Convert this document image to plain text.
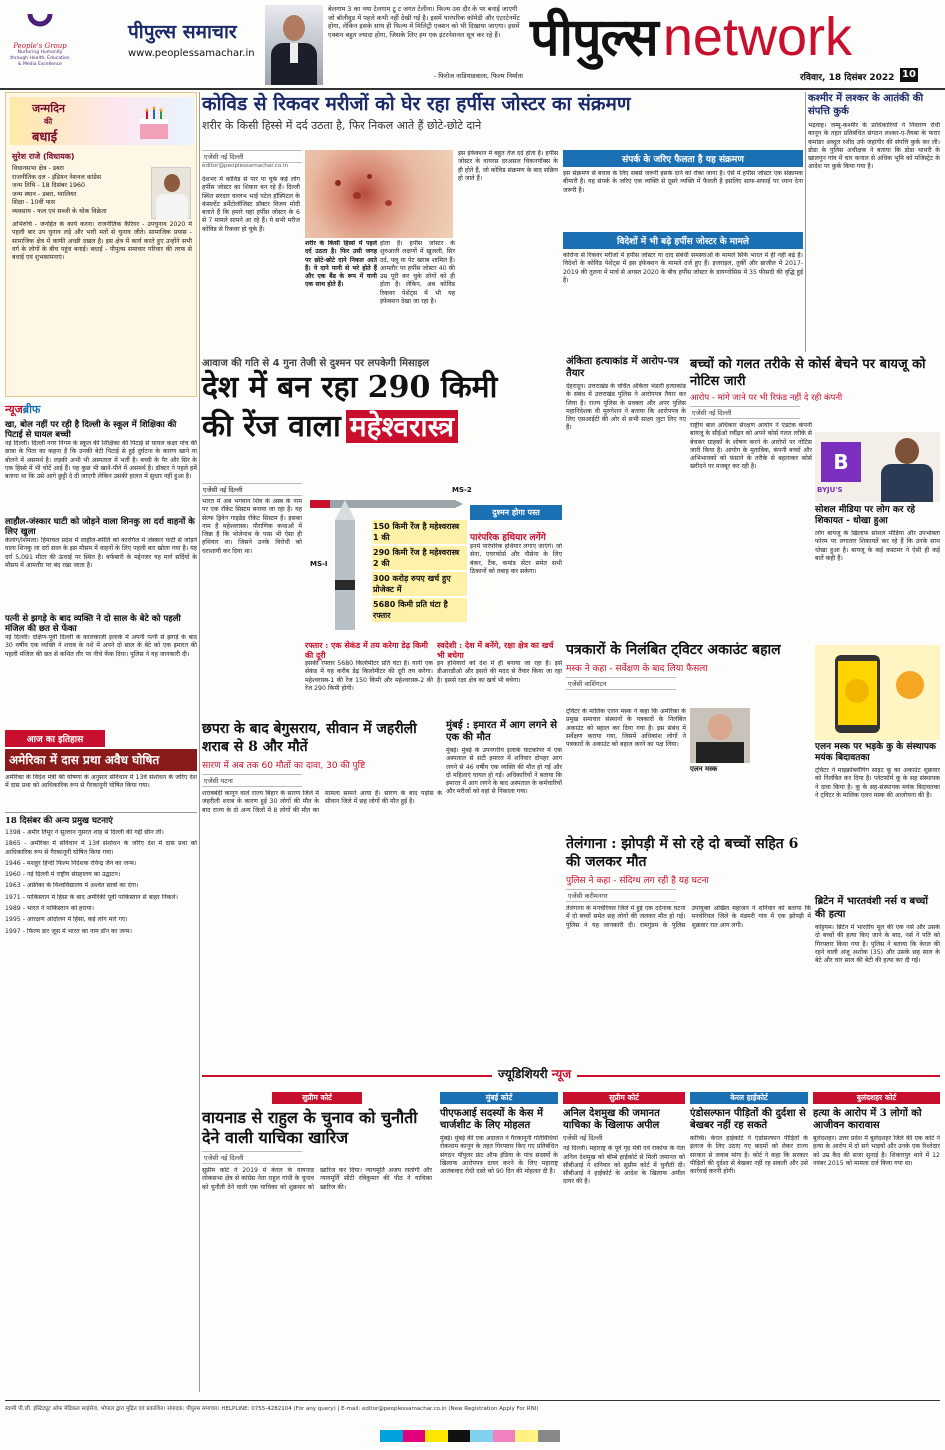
People's Group
Nurturing Humanity through Health, Education & Media Excellence
पीपुल्स समाचार
www.peoplessamachar.in
बेलगाम 3 का नया टेलगाम टू ट जगत टेलीना। फिल्म उस दौर के पर बनाई जाएगी जो बॉलीवुड में पहले कभी नहीं देखी गई है। इसमें पारंपरिक कॉमेडी और एंटरटेनमेंट होगा, लेकिन इसके साथ ही फिल्म में मिलिट्री एक्शन को भी दिखाया जाएगा। इसमें एक्शन बहुत ज्यादा होगा, जिसके लिए हम एक इंटरनेशनल सूत्र कर रहे हैं।
- फिरोज नाडियाडवाला, फिल्म निर्माता
पीपुल्स network
रविवार, 18 दिसंबर 2022 10
जन्मदिन
की
बधाई
सुरेश राजे (विधायक)
विधानसभा क्षेत्र - डबरा
राजनीतिक दल - इंडियन नेशनल कांग्रेस
जन्म तिथि - 18 दिसंबर 1960
जन्म स्थान - डबरा, ग्वालियर
शिक्षा - 10वीं पास
व्यवसाय - फल एवं सब्जी के थोक विक्रेता
अभिरुचि - जनहित के कार्य करना। राजनीतिक कैरियर - उपचुनाव 2020 में पहली बार उप चुनाव लड़े और भारी मतों से चुनाव जीते। सामाजिक प्रयास - सामाजिक क्षेत्र में काफी अच्छी दखल है। इस क्षेत्र में कार्य करते हुए उन्होंने सभी वर्ग के लोगों के बीच पहुंच बनाई। बधाई - पीपुल्स समाचार परिवार की तरफ से बधाई एवं शुभकामनाएं।
न्यूजब्रीफ
खा, बोल नहीं पर रही है दिल्ली के स्कूल में शिक्षिका की पिटाई से घायल बच्ची
नई दिल्ली। दिल्ली नगर निगम के स्कूल की शिक्षिका की पिटाई से घायल कक्षा पांच की छात्रा के पिता का कहना है कि उनकी बेटी पिटाई से हुई दुर्घटना के कारण खाने या बोलने में असमर्थ है। लड़की अभी भी अस्पताल में भर्ती है। बच्ची के पैर और सिर के एक हिस्से में भी चोटें आई हैं। यह कुछ भी खाने-पीने में असमर्थ है। डॉक्टर ने पहले हमें बताया था कि उसे आगे छुट्टी दे दी जाएगी लेकिन उसकी हालत में सुधार नहीं हुआ है।
लाहौल-जंस्कार घाटी को जोड़ने वाला शिनकु ला दर्रा वाहनों के लिए खुला
केलांग/शिमला। हिमाचल प्रदेश में लाहौल-स्पीति को कारगिल में जंस्कार घाटी से जोड़ने वाला शिनकु ला दर्रा साल के इस मौसम में वाहनों के लिए पहली बार खोला गया है। यह दर्रा 5,091 मीटर की ऊंचाई पर स्थित है। बर्फबारी के मद्देनजर यह मार्ग सर्दियों के मौसम में आमतौर पर बंद रखा जाता है।
पत्नी से झगड़े के बाद व्यक्ति ने दो साल के बेटे को पहली मंजिल की छत से फेंका
नई दिल्ली। दक्षिण-पूर्वी दिल्ली के कालकाजी इलाके में अपनी पत्नी से झगड़े के बाद 30 वर्षीय एक व्यक्ति ने शराब के नशे में अपने दो साल के बेटे को एक इमारत की पहली मंजिल की छत से कथित तौर पर नीचे फेंक दिया। पुलिस ने यह जानकारी दी।
आज का इतिहास
अमेरिका में दास प्रथा अवैध घोषित
अमेरिका के विदेश मंत्री की घोषणा के अनुसार संविधान में 13वें संशोधन के जरिए देश में दास प्रथा को आधिकारिक रूप से गैरकानूनी घोषित किया गया।
18 दिसंबर की अन्य प्रमुख घटनाएं
1398 - अमीर तिमूर ने सुल्तान नूसरत शाह से दिल्ली की गद्दी छीन ली।
1865 - अमेरिका में संविधान में 13वें संशोधन के जरिए देश में दास प्रथा को आधिकारिक रूप से गैरकानूनी घोषित किया गया।
1946 - मशहूर हिन्दी फिल्म निर्देशक रविन्द्र जैन का जन्म।
1960 - नई दिल्ली में राष्ट्रीय संग्रहालय का उद्घाटन।
1963 - अफ्रीका के विश्वविद्यालय में अश्वेत छात्रों का दंगा।
1971 - पाकिस्तान में हिंसा के बाद अमेरिकी पूर्वी पाकिस्तान से बाहर निकले।
1989 - भारत ने पाकिस्तान को हराया।
1995 - आरक्षण आंदोलन में हिंसा, कई लोग मारे गए।
1997 - फिल्म डार जूस में भारत का नाम डॉन का जन्म।
कोविड से रिकवर मरीजों को घेर रहा हर्पीस जोस्टर का संक्रमण
शरीर के किसी हिस्से में दर्द उठता है, फिर निकल आते हैं छोटे-छोटे दाने
एजेंसी नई दिल्ली
editor@peoplessamachar.co.in
देशभर में कोविड से पार पा चुके कई लोग हर्पीस जोस्टर का शिकार बन रहे हैं। दिल्ली स्थित सरदार वल्लभ भाई पटेल हॉस्पिटल के कंसल्टेंट डर्मेटोलॉजिस्ट डॉक्टर विजय मोदी बताते हैं कि हमारे यहां हर्पीस जोस्टर के 6 से 7 मामले सामने आ रहे हैं। ये सभी मरीज कोविड से रिकवर हो चुके हैं।
शरीर के किसी हिस्से में पहले दर्द उठता है। फिर उसी जगह पर छोटे-छोटे दाने निकल आते हैं। ये दाने पानी से भरे होते हैं और एक बैंड के रूप में यानी एक साथ होते हैं।
होता है। हर्पीस जोस्टर के शुरुआती लक्षणों में खुजली, सिर दर्द, फ्लू या पेट खराब शामिल हैं। आमतौर पर हर्पीस जोस्टर 40 की उम्र पूरी कर चुके लोगों को ही होता है। लेकिन, अब कोविड रिकवर पेशेंट्स में भी यह इंफेक्शन देखा जा रहा है।
इस इंफेक्शन में बहुत तेज दर्द होता है। हर्पीस जोस्टर के वायरस दरअसल चिकनपॉक्स के ही होते हैं, जो कोविड संक्रमण के बाद सक्रिय हो जाते हैं।
संपर्क के जरिए फैलता है यह संक्रमण
इस संक्रमण से बचाव के लिए सबसे जरूरी इसके दाने को रोका जाना है। ऐसे में हर्पीस जोस्टर एक संक्रामक बीमारी है। यह संपर्क के जरिए एक व्यक्ति से दूसरे व्यक्ति में फैलती है इसलिए साफ-सफाई पर ध्यान देना जरूरी है।
विदेशों में भी बढ़े हर्पीस जोस्टर के मामले
कोरोना से रिकवर मरीजों में हर्पीस जोस्टर या दाद संबंधी समस्याओं के मामले सिर्फ भारत में ही नहीं बढ़े हैं। विदेशों के कोविड पेशेंट्स में इस इंफेक्शन के मामले दर्ज हुए हैं। इजराइल, तुर्की और ब्राजील में 2017-2019 की तुलना में मार्च से अगस्त 2020 के बीच हर्पीस जोस्टर के डायग्नोसिस में 35 फीसदी की वृद्धि हुई है।
आवाज की गति से 4 गुना तेजी से दुश्मन पर लपकेगी मिसाइल
देश में बन रहा 290 किमी
की रेंज वाला महेश्वरास्त्र
एजेंसी नई दिल्ली
भारत में अब भगवान शिव के अस्त्र के नाम पर एक रॉकेट सिस्टम बनाया जा रहा है। यह सेल्फ ड्रिवेन गाइडेड रॉकेट सिस्टम है। इसका नाम है महेश्वरास्त्र। पौराणिक कथाओं में जिक्र है कि भोलेनाथ के पास भी ऐसा ही हथियार था। जिसने उनके विरोधी को धराशायी कर दिया था।
MS-2
MS-I
150 किमी रेंज है महेश्वरास्त्र 1 की
290 किमी रेंज है महेश्वरास्त्र 2 की
300 करोड़ रुपए खर्च हुए प्रोजेक्ट में
5680 किमी प्रति घंटा है रफ्तार
दुश्मन होगा पस्त
पारंपरिक हथियार लगेंगे
इनमें पारंपरिक हथियार लगाए जाएंगे। जो सेना, एयरफोर्स और नौसेना के लिए बंकर, टैंक, कमांड सेंटर समेत सभी ठिकानों को तबाह कर सकेगा।
रफ्तार : एक सेकंड में तय करेगा डेढ़ किमी की दूरी
इसकी रफ्तार 5680 किलोमीटर प्रति घंटा है। यानी एक सेकंड में यह करीब डेढ़ किलोमीटर की दूरी तय करेगा। महेश्वरास्त्र-1 की रेंज 150 किमी और महेश्वरास्त्र-2 की रेंज 290 किमी होगी।
स्वदेशी : देश में बनेंगे, रक्षा क्षेत्र का खर्च भी बचेगा
इन हथियारों को देश में ही बनाया जा रहा है। इसे डीआरडीओ और इसरो की मदद से तैयार किया जा रहा है। इससे रक्षा क्षेत्र का खर्च भी बचेगा।
छपरा के बाद बेगुसराय, सीवान में जहरीली शराब से 8 और मौतें
सारण में अब तक 60 मौतों का दावा, 30 की पुष्टि
एजेंसी पटना
शराबबंदी कानून वाले राज्य बिहार के सारण जिले में जहरीली शराब के कारण हुई 30 लोगों की मौत के बाद राज्य के दो अन्य जिलों में 8 लोगों की मौत का मामला सामने आया है। सारण के बाद पड़ोस के सीवान जिले में छह लोगों की मौत हुई है।
मुंबई : इमारत में आग लगने से एक की मौत
मुंबई। मुंबई के उपनगरीय इलाके घाटकोपर में एक अस्पताल से सटी इमारत में शनिवार दोपहर आग लगने से 46 वर्षीय एक व्यक्ति की मौत हो गई और दो महिलाएं घायल हो गईं। अधिकारियों ने बताया कि इमारत में आग लगने के बाद अस्पताल के कर्मचारियों और मरीजों को वहां से निकाला गया।
अंकिता हत्याकांड में आरोप-पत्र तैयार
देहरादून। उत्तराखंड के चर्चित अंकिता भंडारी हत्याकांड के संबंध में उत्तराखंड पुलिस ने आरोपपत्र तैयार कर लिया है। राज्य पुलिस के प्रवक्ता और अपर पुलिस महानिदेशक वी मुरुगेशन ने बताया कि आरोपपत्र के लिए एसआईटी की ओर से सभी साक्ष्य जुटा लिए गए हैं।
कश्मीर में लश्कर के आतंकी की संपत्ति कुर्क
भद्रवाह। जम्मू-कश्मीर के प्राधिकारियों ने निवारण रोधी कानून के तहत प्रतिबंधित संगठन लश्कर-ए-तैयबा के फरार कमांडर अब्दुल रशीद उर्फ जहांगीर की संपत्ति कुर्क कर ली। डोडा के पुलिस अधीक्षक ने बताया कि डोडा थाथरी के खालगुन गांव में चार कनाल से अधिक भूमि को मजिस्ट्रेट के आदेश पर कुर्क किया गया है।
बच्चों को गलत तरीके से कोर्स बेचने पर बायजू को नोटिस जारी
आरोप - मांगे जाने पर भी रिफंड नहीं दे रही कंपनी
एजेंसी नई दिल्ली
राष्ट्रीय बाल अधिकार संरक्षण आयोग ने एडटेक कंपनी बायजू के सीईओ रवींद्रन को अपने कोर्स गलत तरीके से बेचकर ग्राहकों के शोषण करने के आरोपों पर नोटिस जारी किया है। आयोग के मुताबिक, कंपनी बच्चों और अभिभावकों को फंसाने के तरीके से बहलाकर कोर्स खरीदने पर मजबूर कर रही है।	B
BYJU'S
सोशल मीडिया पर लोग कर रहे शिकायत - धोखा हुआ
लोग बायजू के खिलाफ सोशल मीडिया और उपभोक्ता फोरम पर लगातार शिकायतें कर रहे हैं कि उनके साथ धोखा हुआ है। बायजू के कई कस्टमर ने ऐसी ही कई बातें कही हैं।
पत्रकारों के निलंबित ट्विटर अकाउंट बहाल
मस्क ने कहा - सर्वेक्षण के बाद लिया फैसला
एजेंसी वाशिंगटन
ट्विटर के मालिक एलन मस्क ने कहा कि अमेरिका के प्रमुख समाचार संस्थानों के पत्रकारों के निलंबित अकाउंट को बहाल कर दिया गया है। इस संबंध में सर्वेक्षण कराया गया, जिसमें अधिकांश लोगों ने पत्रकारों के अकाउंट को बहाल करने का पक्ष लिया।
एलन मस्क
एलन मस्क पर भड़के कु के संस्थापक मयंक बिदावतका
ट्विटर ने माइक्रोब्लॉगिंग साइट कू का अकाउंट शुक्रवार को निलंबित कर दिया है। प्लेटफॉर्म कू के सह संस्थापक ने दावा किया है। कू के सह-संस्थापक मयंक बिदावतका ने ट्विटर के मालिक एलन मस्क की आलोचना की है।
तेलंगाना : झोपड़ी में सो रहे दो बच्चों सहित 6 की जलकर मौत
पुलिस ने कहा - संदिग्ध लग रही है यह घटना
एजेंसी करीमनगर
तेलंगाना के मनचेरियल जिले में हुई एक दर्दनाक घटना में दो बच्चों समेत छह लोगों की जलकर मौत हो गई। पुलिस ने यह जानकारी दी। रामगुंडम के पुलिस उपायुक्त अखिल महाजन ने शनिवार को बताया कि मनचेरियल जिले के मंडमरी गांव में एक झोपड़ी में शुक्रवार रात आग लगी।
ब्रिटेन में भारतवंशी नर्स व बच्चों की हत्या
कोट्टयम। ब्रिटेन में भारतीय मूल की एक नर्स और उसके दो बच्चों की हत्या किए जाने के बाद, नर्स ने पति को गिरफ्तार किया गया है। पुलिस ने बताया कि केरल की रहने वाली अंजू अशोक (35) और उसके छह साल के बेटे और चार साल की बेटी की हत्या कर दी गई।
ज्यूडिशियरी न्यूज
सुप्रीम कोर्ट
वायनाड से राहुल के चुनाव को चुनौती देने वाली याचिका खारिज
एजेंसी नई दिल्ली
सुप्रीम कोर्ट ने 2019 में केरल के वायनाड लोकसभा क्षेत्र से कांग्रेस नेता राहुल गांधी के चुनाव को चुनौती देने वाली एक याचिका को शुक्रवार को खारिज कर दिया। न्यायमूर्ति अजय रस्तोगी और न्यायमूर्ति सीटी रविकुमार की पीठ ने याचिका खारिज की।
मुंबई कोर्ट
पीएफआई सदस्यों के केस में चार्जशीट के लिए मोहलत
मुंबई। मुंबई की एक अदालत ने गैरकानूनी गतिविधियां रोकथाम कानून के तहत गिरफ्तार किए गए प्रतिबंधित संगठन पॉपुलर फ्रंट ऑफ इंडिया के पांच सदस्यों के खिलाफ आरोपपत्र दायर करने के लिए महाराष्ट्र आतंकवाद रोधी दस्ते को 90 दिन की मोहलत दी है।
सुप्रीम कोर्ट
अनिल देशमुख की जमानत याचिका के खिलाफ अपील
एजेंसी नई दिल्ली
नई दिल्ली। महाराष्ट्र के पूर्व गृह मंत्री एवं राकांपा के नेता अनिल देशमुख को बॉम्बे हाईकोर्ट से मिली जमानत को सीबीआई ने शनिवार को सुप्रीम कोर्ट में चुनौती दी। सीबीआई ने हाईकोर्ट के आदेश के खिलाफ अपील दायर की है।
केरल हाईकोर्ट
एंडोसल्फान पीड़ितों की दुर्दशा से बेखबर नहीं रह सकते
कोच्चि। केरल हाईकोर्ट ने एंडोसल्फान पीड़ितों के इलाज के लिए उठाए गए कदमों को लेकर राज्य सरकार से जवाब मांगा है। कोर्ट ने कहा कि सरकार पीड़ितों की दुर्दशा से बेखबर नहीं रह सकती और उसे कार्रवाई करनी होगी।
बुलंदशहर कोर्ट
हत्या के आरोप में 3 लोगों को आजीवन कारावास
बुलंदशहर। उत्तर प्रदेश में बुलंदशहर जिले की एक कोर्ट ने हत्या के आरोप में दो सगे भाइयों और उनके एक रिश्तेदार को उम्र कैद की सजा सुनाई है। शिकारपुर थाने में 12 नवंबर 2015 को मामला दर्ज किया गया था।
स्वामी पी.जी. इंस्टिट्यूट ऑफ मेडिकल साइंसेज, भोपाल द्वारा मुद्रित एवं प्रकाशित। संपादक: पीपुल्स समाचार। HELPLINE: 0755-4282104 (For any query) | E-mail: editor@peoplessamachar.co.in (New Registration Apply For RNI)
